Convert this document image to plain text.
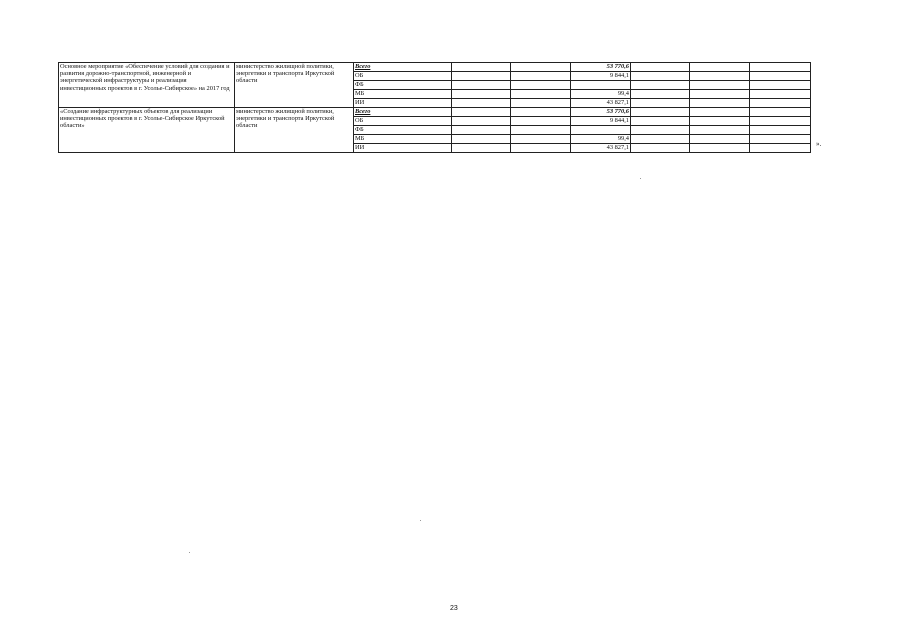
Основное мероприятие «Обеспечение условий для создания и развития дорожно-транспортной, инженерной и энергетической инфраструктуры и реализация инвестиционных проектов в г. Усолье-Сибирское» на 2017 год	министерство жилищной политики, энергетики и транспорта Иркутской области	Всего			53 770,6			
		ОБ			9 844,1			
		ФБ						
		МБ			99,4			
		ИИ			43 827,1			
«Создание инфраструктурных объектов для реализации инвестиционных проектов в г. Усолье-Сибирское Иркутской области»	министерство жилищной политики, энергетики и транспорта Иркутской области	Всего			53 770,6			
		ОБ			9 844,1			
		ФБ						
		МБ			99,4			
		ИИ			43 827,1				».
23
